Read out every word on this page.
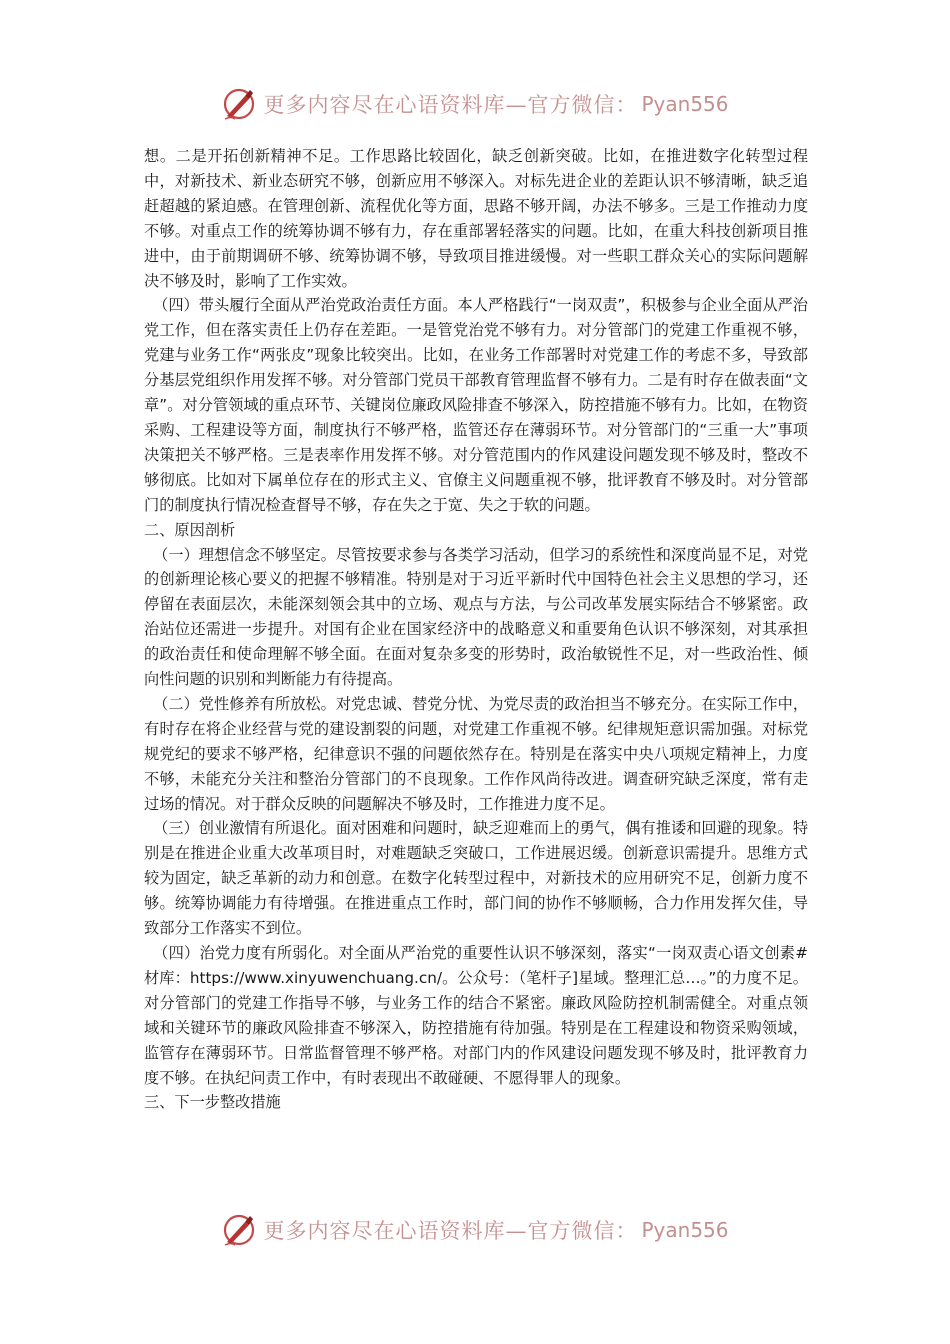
更多内容尽在心语资料库—官方微信： Pyan556

想。二是开拓创新精神不足。工作思路比较固化，缺乏创新突破。比如，在推进数字化转型过程中，对新技术、新业态研究不够，创新应用不够深入。对标先进企业的差距认识不够清晰，缺乏追赶超越的紧迫感。在管理创新、流程优化等方面，思路不够开阔，办法不够多。三是工作推动力度不够。对重点工作的统筹协调不够有力，存在重部署轻落实的问题。比如，在重大科技创新项目推进中，由于前期调研不够、统筹协调不够，导致项目推进缓慢。对一些职工群众关心的实际问题解决不够及时，影响了工作实效。

（四）带头履行全面从严治党政治责任方面。本人严格践行“一岗双责”，积极参与企业全面从严治党工作，但在落实责任上仍存在差距。一是管党治党不够有力。对分管部门的党建工作重视不够，党建与业务工作“两张皮”现象比较突出。比如，在业务工作部署时对党建工作的考虑不多，导致部分基层党组织作用发挥不够。对分管部门党员干部教育管理监督不够有力。二是有时存在做表面“文章”。对分管领域的重点环节、关键岗位廉政风险排查不够深入，防控措施不够有力。比如，在物资采购、工程建设等方面，制度执行不够严格，监管还存在薄弱环节。对分管部门的“三重一大”事项决策把关不够严格。三是表率作用发挥不够。对分管范围内的作风建设问题发现不够及时，整改不够彻底。比如对下属单位存在的形式主义、官僚主义问题重视不够，批评教育不够及时。对分管部门的制度执行情况检查督导不够，存在失之于宽、失之于软的问题。

二、原因剖析

（一）理想信念不够坚定。尽管按要求参与各类学习活动，但学习的系统性和深度尚显不足，对党的创新理论核心要义的把握不够精准。特别是对于习近平新时代中国特色社会主义思想的学习，还停留在表面层次，未能深刻领会其中的立场、观点与方法，与公司改革发展实际结合不够紧密。政治站位还需进一步提升。对国有企业在国家经济中的战略意义和重要角色认识不够深刻，对其承担的政治责任和使命理解不够全面。在面对复杂多变的形势时，政治敏锐性不足，对一些政治性、倾向性问题的识别和判断能力有待提高。

（二）党性修养有所放松。对党忠诚、替党分忧、为党尽责的政治担当不够充分。在实际工作中，有时存在将企业经营与党的建设割裂的问题，对党建工作重视不够。纪律规矩意识需加强。对标党规党纪的要求不够严格，纪律意识不强的问题依然存在。特别是在落实中央八项规定精神上，力度不够，未能充分关注和整治分管部门的不良现象。工作作风尚待改进。调查研究缺乏深度，常有走过场的情况。对于群众反映的问题解决不够及时，工作推进力度不足。

（三）创业激情有所退化。面对困难和问题时，缺乏迎难而上的勇气，偶有推诿和回避的现象。特别是在推进企业重大改革项目时，对难题缺乏突破口，工作进展迟缓。创新意识需提升。思维方式较为固定，缺乏革新的动力和创意。在数字化转型过程中，对新技术的应用研究不足，创新力度不够。统筹协调能力有待增强。在推进重点工作时，部门间的协作不够顺畅，合力作用发挥欠佳，导致部分工作落实不到位。

（四）治党力度有所弱化。对全面从严治党的重要性认识不够深刻，落实“一岗双责心语文创素#材库：https://www.xinyuwenchuang.cn/。公众号：（笔杆子]星域。整理汇总…。”的力度不足。对分管部门的党建工作指导不够，与业务工作的结合不紧密。廉政风险防控机制需健全。对重点领域和关键环节的廉政风险排查不够深入，防控措施有待加强。特别是在工程建设和物资采购领域，监管存在薄弱环节。日常监督管理不够严格。对部门内的作风建设问题发现不够及时，批评教育力度不够。在执纪问责工作中，有时表现出不敢碰硬、不愿得罪人的现象。

三、下一步整改措施

更多内容尽在心语资料库—官方微信： Pyan556
